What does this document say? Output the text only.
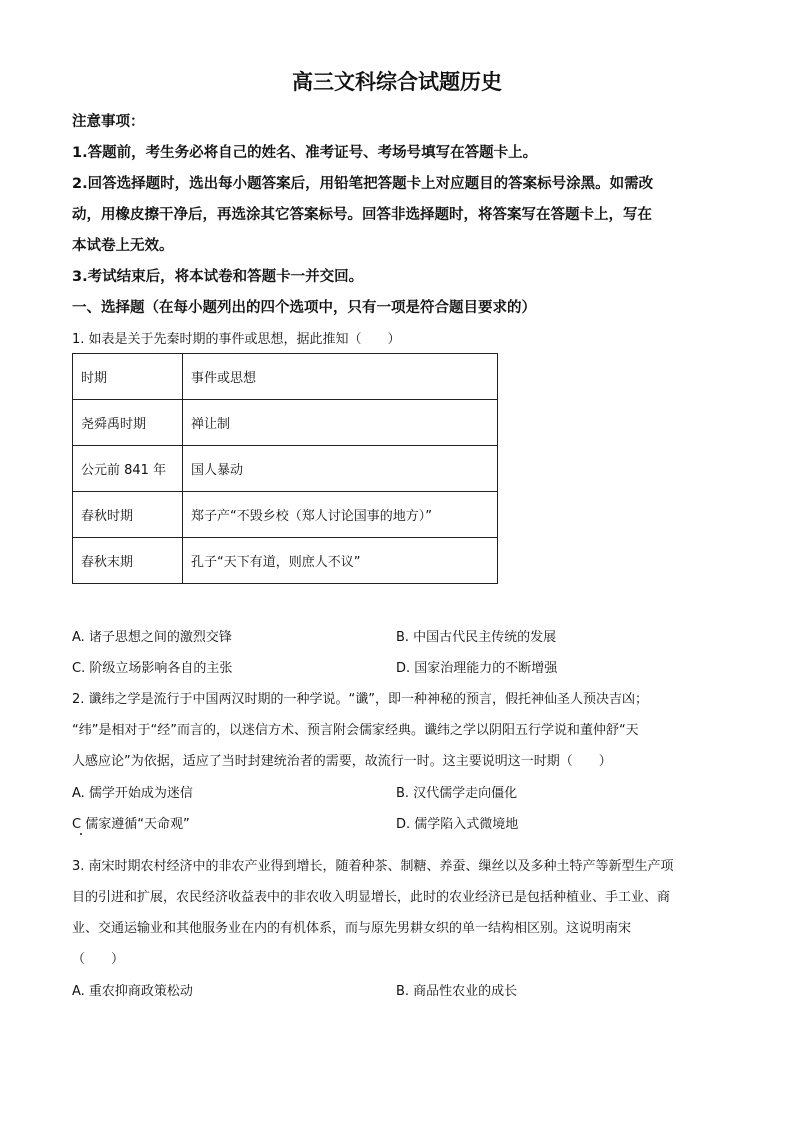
高三文科综合试题历史
注意事项：
1.答题前，考生务必将自己的姓名、准考证号、考场号填写在答题卡上。
2.回答选择题时，选出每小题答案后，用铅笔把答题卡上对应题目的答案标号涂黑。如需改
动，用橡皮擦干净后，再选涂其它答案标号。回答非选择题时，将答案写在答题卡上，写在
本试卷上无效。
3.考试结束后，将本试卷和答题卡一并交回。
一、选择题（在每小题列出的四个选项中，只有一项是符合题目要求的）
1. 如表是关于先秦时期的事件或思想，据此推知（　　）
时期	事件或思想
尧舜禹时期	禅让制
公元前 841 年	国人暴动
春秋时期	郑子产“不毁乡校（郑人讨论国事的地方）”
春秋末期	孔子“天下有道，则庶人不议”
A. 诸子思想之间的激烈交锋	B. 中国古代民主传统的发展
C. 阶级立场影响各自的主张	D. 国家治理能力的不断增强
2. 谶纬之学是流行于中国两汉时期的一种学说。“谶”，即一种神秘的预言，假托神仙圣人预决吉凶；
“纬”是相对于“经”而言的，以迷信方术、预言附会儒家经典。谶纬之学以阴阳五行学说和董仲舒“天
人感应论”为依据，适应了当时封建统治者的需要，故流行一时。这主要说明这一时期（　　）
A. 儒学开始成为迷信	B. 汉代儒学走向僵化
C 儒家遵循“天命观”	D. 儒学陷入式微境地
3. 南宋时期农村经济中的非农产业得到增长，随着种茶、制糖、养蚕、缫丝以及多种土特产等新型生产项
目的引进和扩展，农民经济收益表中的非农收入明显增长，此时的农业经济已是包括种植业、手工业、商
业、交通运输业和其他服务业在内的有机体系，而与原先男耕女织的单一结构相区别。这说明南宋
（　　）
A. 重农抑商政策松动	B. 商品性农业的成长
